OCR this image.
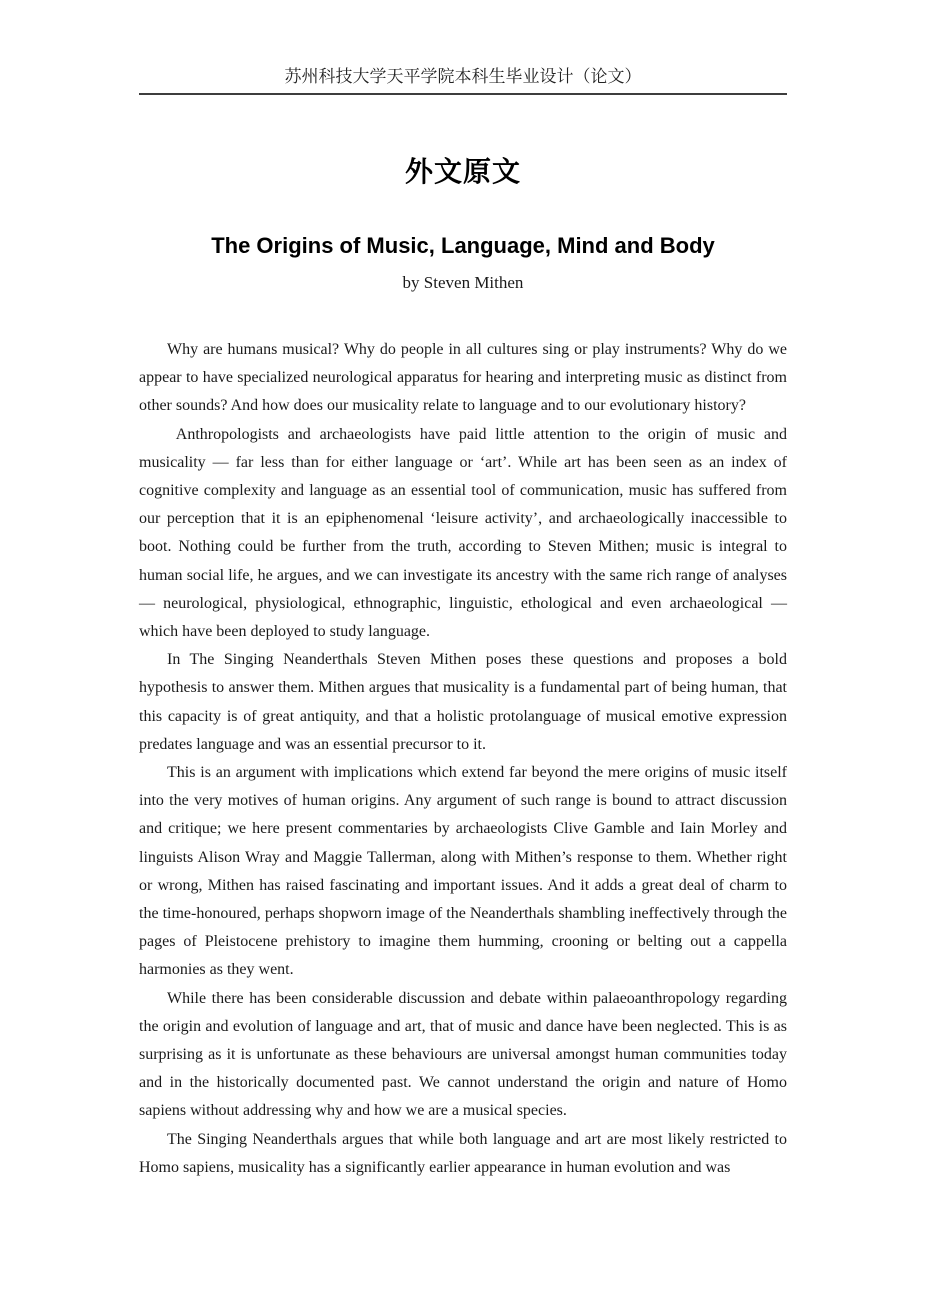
苏州科技大学天平学院本科生毕业设计（论文）
外文原文
The Origins of Music, Language, Mind and Body
by Steven Mithen

Why are humans musical? Why do people in all cultures sing or play instruments? Why do we appear to have specialized neurological apparatus for hearing and interpreting music as distinct from other sounds? And how does our musicality relate to language and to our evolutionary history?

Anthropologists and archaeologists have paid little attention to the origin of music and musicality — far less than for either language or ‘art’. While art has been seen as an index of cognitive complexity and language as an essential tool of communication, music has suffered from our perception that it is an epiphenomenal ‘leisure activity’, and archaeologically inaccessible to boot. Nothing could be further from the truth, according to Steven Mithen; music is integral to human social life, he argues, and we can investigate its ancestry with the same rich range of analyses — neurological, physiological, ethnographic, linguistic, ethological and even archaeological — which have been deployed to study language.

In The Singing Neanderthals Steven Mithen poses these questions and proposes a bold hypothesis to answer them. Mithen argues that musicality is a fundamental part of being human, that this capacity is of great antiquity, and that a holistic protolanguage of musical emotive expression predates language and was an essential precursor to it.

This is an argument with implications which extend far beyond the mere origins of music itself into the very motives of human origins. Any argument of such range is bound to attract discussion and critique; we here present commentaries by archaeologists Clive Gamble and Iain Morley and linguists Alison Wray and Maggie Tallerman, along with Mithen’s response to them. Whether right or wrong, Mithen has raised fascinating and important issues. And it adds a great deal of charm to the time-honoured, perhaps shopworn image of the Neanderthals shambling ineffectively through the pages of Pleistocene prehistory to imagine them humming, crooning or belting out a cappella harmonies as they went.

While there has been considerable discussion and debate within palaeoanthropology regarding the origin and evolution of language and art, that of music and dance have been neglected. This is as surprising as it is unfortunate as these behaviours are universal amongst human communities today and in the historically documented past. We cannot understand the origin and nature of Homo sapiens without addressing why and how we are a musical species.

The Singing Neanderthals argues that while both language and art are most likely restricted to Homo sapiens, musicality has a significantly earlier appearance in human evolution and was
